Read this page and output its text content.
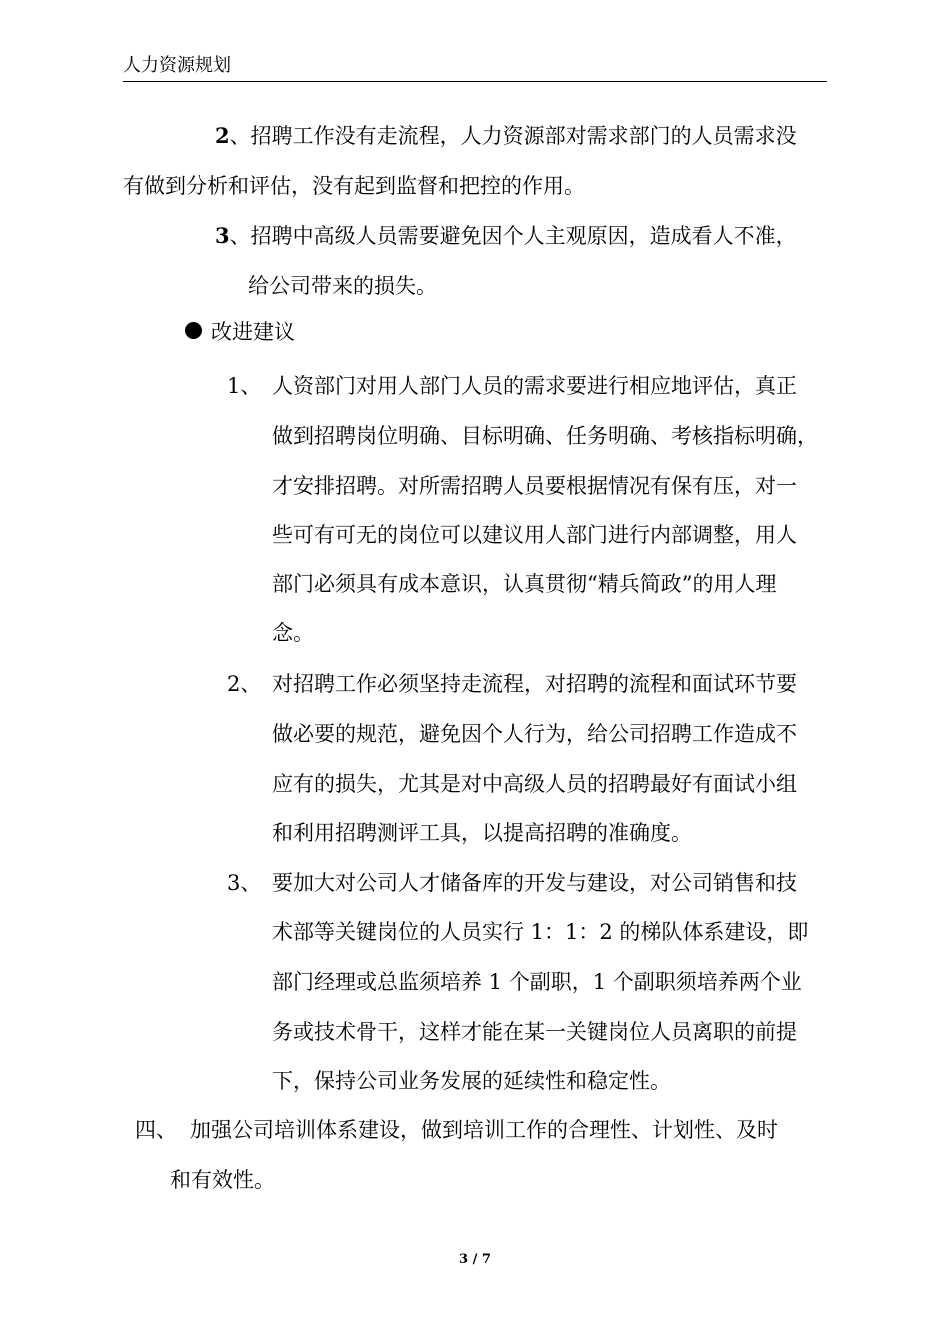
人力资源规划
2、招聘工作没有走流程，人力资源部对需求部门的人员需求没
有做到分析和评估，没有起到监督和把控的作用。
3、招聘中高级人员需要避免因个人主观原因，造成看人不准，
给公司带来的损失。
改进建议
1、 人资部门对用人部门人员的需求要进行相应地评估，真正
做到招聘岗位明确、目标明确、任务明确、考核指标明确，
才安排招聘。对所需招聘人员要根据情况有保有压，对一
些可有可无的岗位可以建议用人部门进行内部调整，用人
部门必须具有成本意识，认真贯彻“精兵简政”的用人理
念。
2、 对招聘工作必须坚持走流程，对招聘的流程和面试环节要
做必要的规范，避免因个人行为，给公司招聘工作造成不
应有的损失，尤其是对中高级人员的招聘最好有面试小组
和利用招聘测评工具，以提高招聘的准确度。
3、 要加大对公司人才储备库的开发与建设，对公司销售和技
术部等关键岗位的人员实行 1：1：2 的梯队体系建设，即
部门经理或总监须培养 1 个副职，1 个副职须培养两个业
务或技术骨干，这样才能在某一关键岗位人员离职的前提
下，保持公司业务发展的延续性和稳定性。
四、 加强公司培训体系建设，做到培训工作的合理性、计划性、及时
和有效性。
3 / 7
